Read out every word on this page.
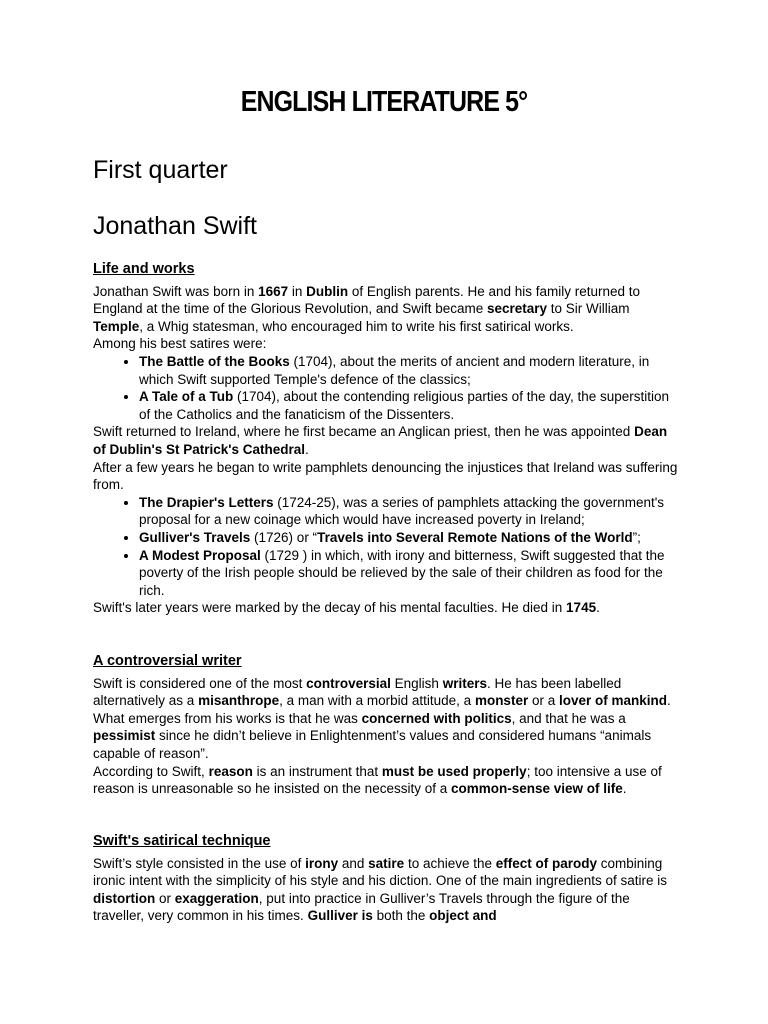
ENGLISH LITERATURE 5°
First quarter
Jonathan Swift
Life and works

Jonathan Swift was born in 1667 in Dublin of English parents. He and his family returned to England at the time of the Glorious Revolution, and Swift became secretary to Sir William Temple, a Whig statesman, who encouraged him to write his first satirical works.

Among his best satires were:

• The Battle of the Books (1704), about the merits of ancient and modern literature, in which Swift supported Temple's defence of the classics;
• A Tale of a Tub (1704), about the contending religious parties of the day, the superstition of the Catholics and the fanaticism of the Dissenters.

Swift returned to Ireland, where he first became an Anglican priest, then he was appointed Dean of Dublin's St Patrick's Cathedral.

After a few years he began to write pamphlets denouncing the injustices that Ireland was suffering from.

• The Drapier's Letters (1724-25), was a series of pamphlets attacking the government's proposal for a new coinage which would have increased poverty in Ireland;
• Gulliver's Travels (1726) or “Travels into Several Remote Nations of the World”;
• A Modest Proposal (1729 ) in which, with irony and bitterness, Swift suggested that the poverty of the Irish people should be relieved by the sale of their children as food for the rich.

Swift's later years were marked by the decay of his mental faculties. He died in 1745.

A controversial writer

Swift is considered one of the most controversial English writers. He has been labelled alternatively as a misanthrope, a man with a morbid attitude, a monster or a lover of mankind.

What emerges from his works is that he was concerned with politics, and that he was a pessimist since he didn’t believe in Enlightenment’s values and considered humans “animals capable of reason”.

According to Swift, reason is an instrument that must be used properly; too intensive a use of reason is unreasonable so he insisted on the necessity of a common-sense view of life.

Swift's satirical technique

Swift’s style consisted in the use of irony and satire to achieve the effect of parody combining ironic intent with the simplicity of his style and his diction. One of the main ingredients of satire is distortion or exaggeration, put into practice in Gulliver’s Travels through the figure of the traveller, very common in his times. Gulliver is both the object and
